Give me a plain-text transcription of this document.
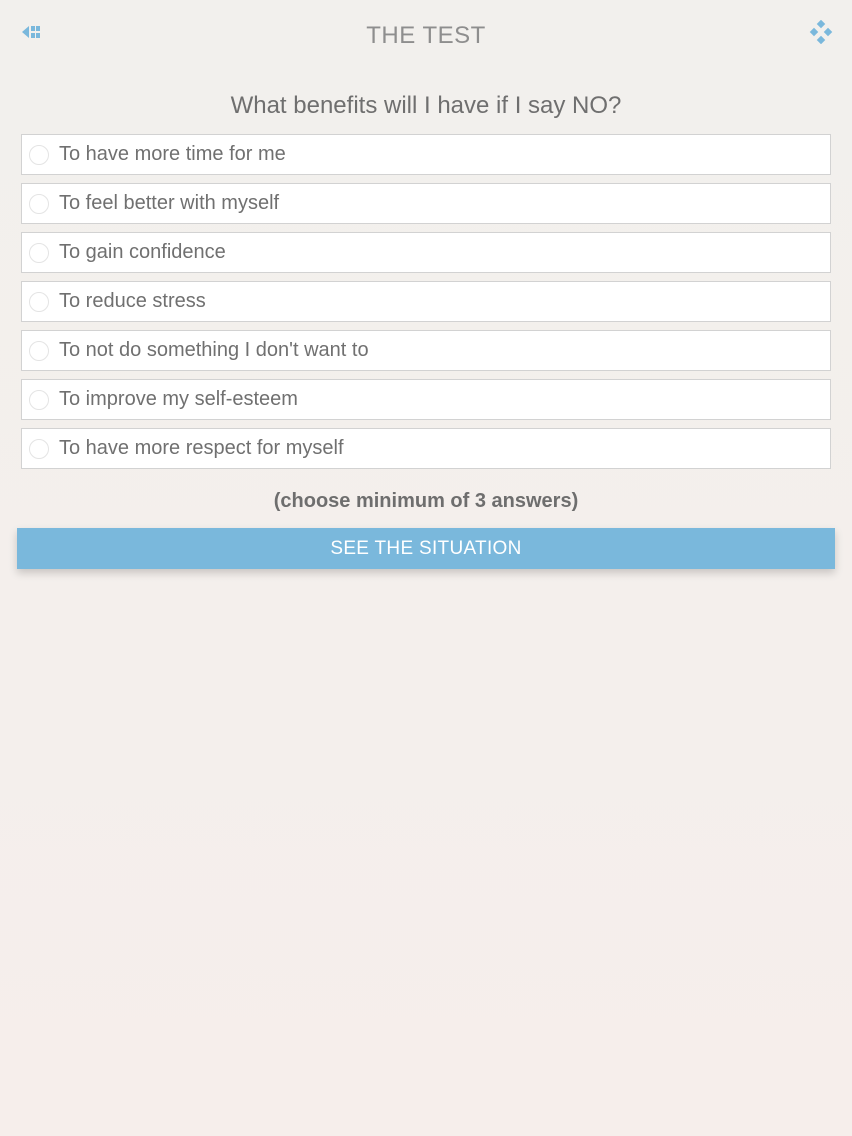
THE TEST
What benefits will I have if I say NO?
To have more time for me
To feel better with myself
To gain confidence
To reduce stress
To not do something I don't want to
To improve my self-esteem
To have more respect for myself
(choose minimum of 3 answers)
SEE THE SITUATION
